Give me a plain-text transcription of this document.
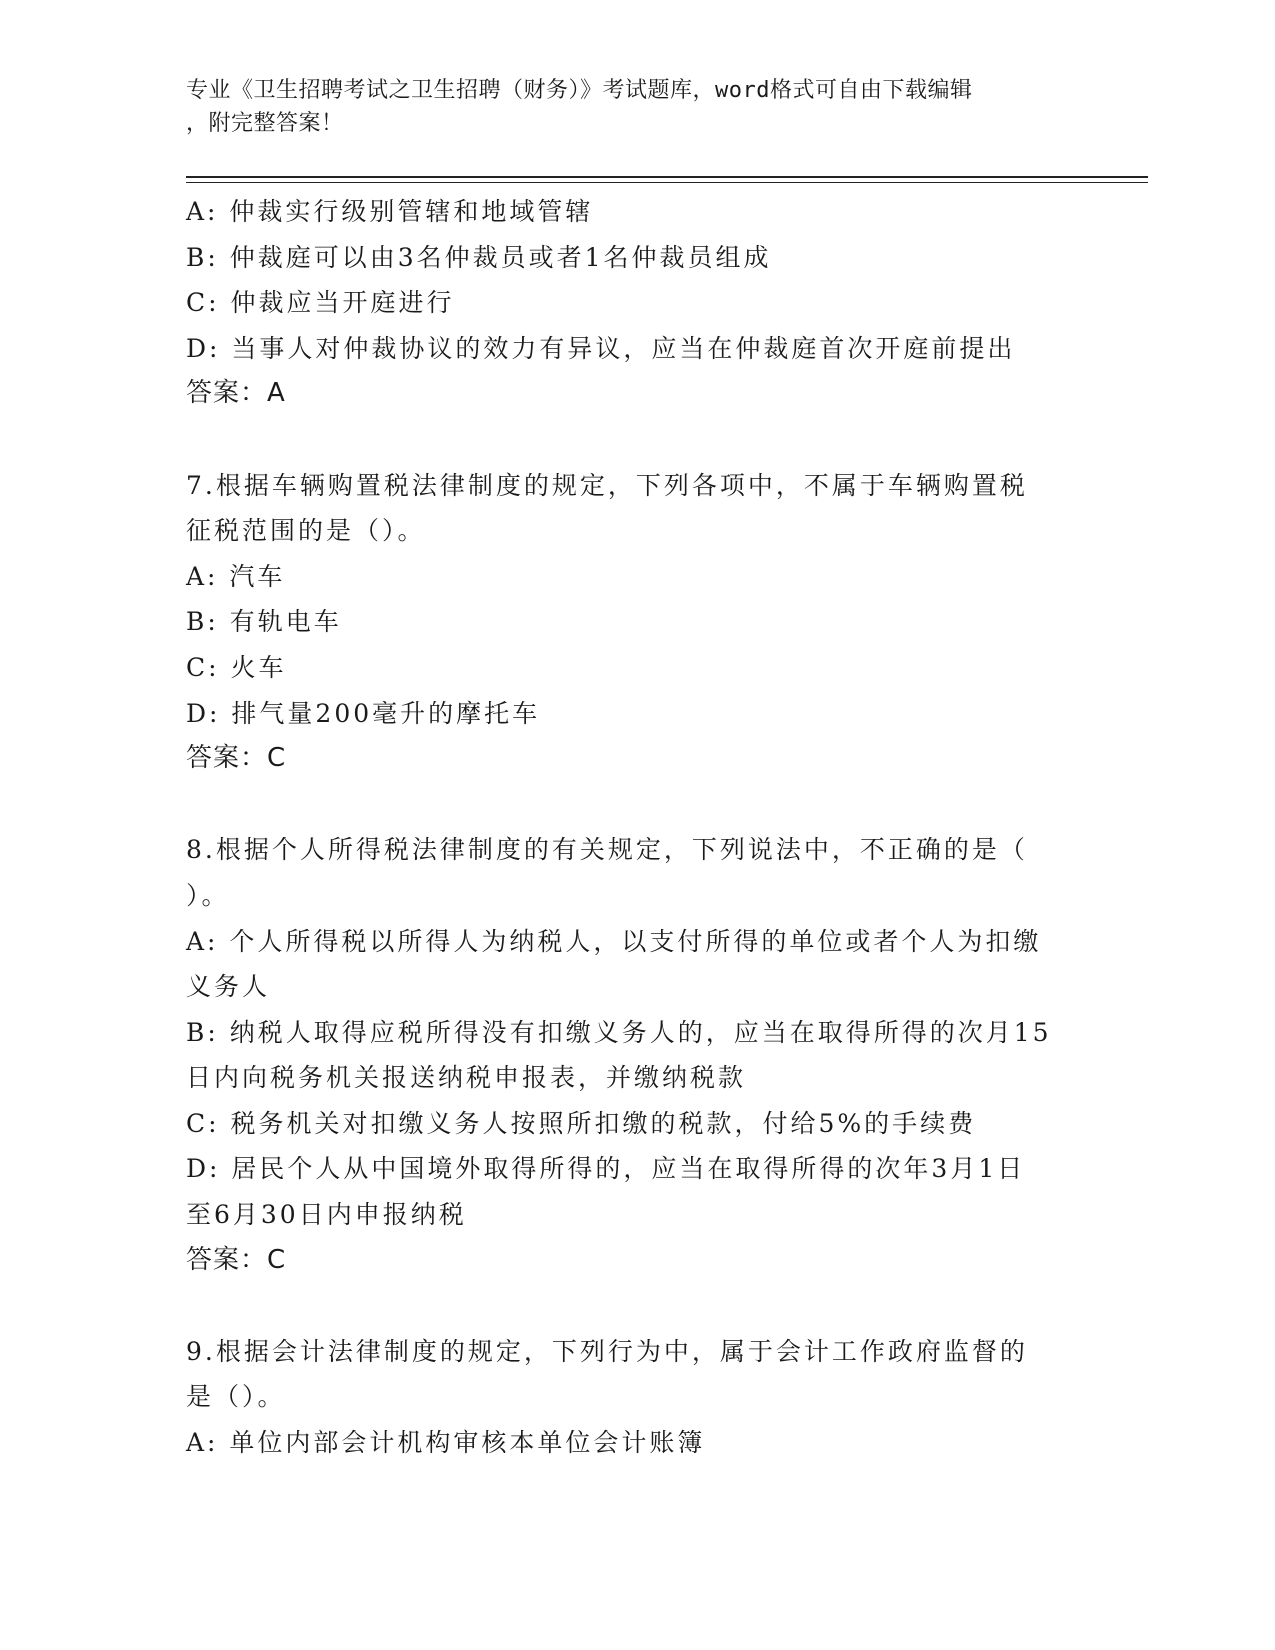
专业《卫生招聘考试之卫生招聘（财务）》考试题库，word格式可自由下载编辑
，附完整答案！
A: 仲裁实行级别管辖和地域管辖
B: 仲裁庭可以由3名仲裁员或者1名仲裁员组成
C: 仲裁应当开庭进行
D: 当事人对仲裁协议的效力有异议，应当在仲裁庭首次开庭前提出
答案：A
7.根据车辆购置税法律制度的规定，下列各项中，不属于车辆购置税
征税范围的是（）。
A: 汽车
B: 有轨电车
C: 火车
D: 排气量200毫升的摩托车
答案：C
8.根据个人所得税法律制度的有关规定，下列说法中，不正确的是（
）。
A: 个人所得税以所得人为纳税人，以支付所得的单位或者个人为扣缴
义务人
B: 纳税人取得应税所得没有扣缴义务人的，应当在取得所得的次月15
日内向税务机关报送纳税申报表，并缴纳税款
C: 税务机关对扣缴义务人按照所扣缴的税款，付给5%的手续费
D: 居民个人从中国境外取得所得的，应当在取得所得的次年3月1日
至6月30日内申报纳税
答案：C
9.根据会计法律制度的规定，下列行为中，属于会计工作政府监督的
是（）。
A: 单位内部会计机构审核本单位会计账簿
